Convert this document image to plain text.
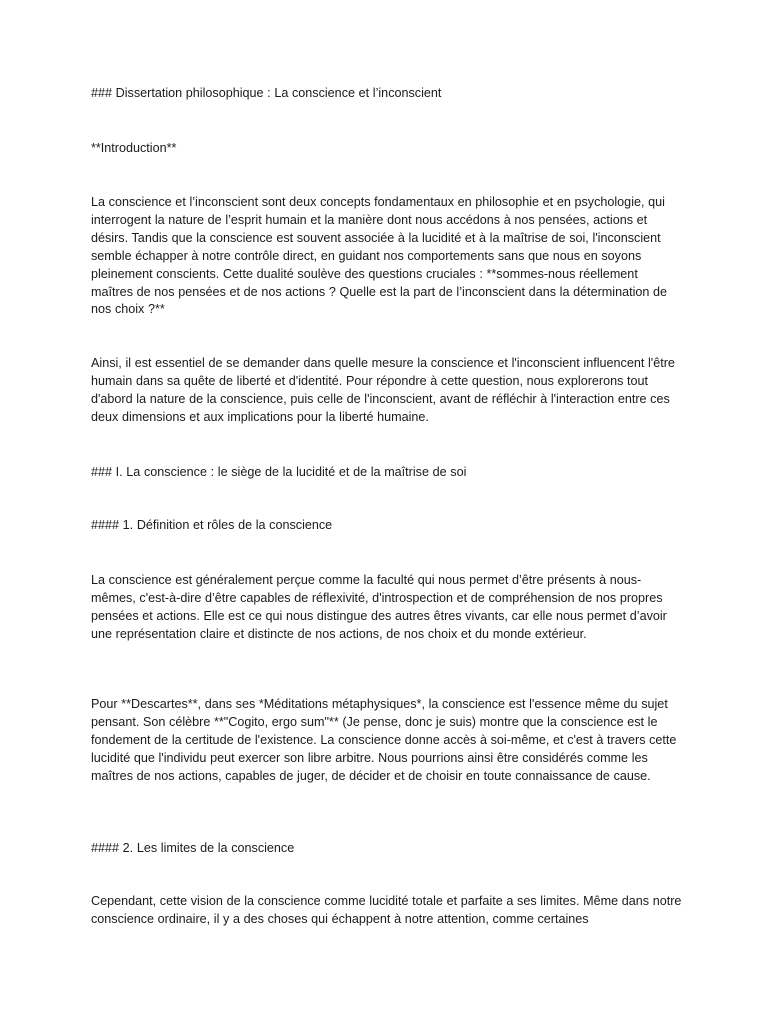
### Dissertation philosophique : La conscience et l’inconscient

**Introduction**

La conscience et l’inconscient sont deux concepts fondamentaux en philosophie et en psychologie, qui interrogent la nature de l’esprit humain et la manière dont nous accédons à nos pensées, actions et désirs. Tandis que la conscience est souvent associée à la lucidité et à la maîtrise de soi, l'inconscient semble échapper à notre contrôle direct, en guidant nos comportements sans que nous en soyons pleinement conscients. Cette dualité soulève des questions cruciales : **sommes-nous réellement maîtres de nos pensées et de nos actions ? Quelle est la part de l’inconscient dans la détermination de nos choix ?**

Ainsi, il est essentiel de se demander dans quelle mesure la conscience et l'inconscient influencent l'être humain dans sa quête de liberté et d'identité. Pour répondre à cette question, nous explorerons tout d'abord la nature de la conscience, puis celle de l'inconscient, avant de réfléchir à l'interaction entre ces deux dimensions et aux implications pour la liberté humaine.

### I. La conscience : le siège de la lucidité et de la maîtrise de soi

#### 1. Définition et rôles de la conscience

La conscience est généralement perçue comme la faculté qui nous permet d’être présents à nous-mêmes, c'est-à-dire d’être capables de réflexivité, d'introspection et de compréhension de nos propres pensées et actions. Elle est ce qui nous distingue des autres êtres vivants, car elle nous permet d’avoir une représentation claire et distincte de nos actions, de nos choix et du monde extérieur.

Pour **Descartes**, dans ses *Méditations métaphysiques*, la conscience est l'essence même du sujet pensant. Son célèbre **"Cogito, ergo sum"** (Je pense, donc je suis) montre que la conscience est le fondement de la certitude de l'existence. La conscience donne accès à soi-même, et c'est à travers cette lucidité que l'individu peut exercer son libre arbitre. Nous pourrions ainsi être considérés comme les maîtres de nos actions, capables de juger, de décider et de choisir en toute connaissance de cause.

#### 2. Les limites de la conscience

Cependant, cette vision de la conscience comme lucidité totale et parfaite a ses limites. Même dans notre conscience ordinaire, il y a des choses qui échappent à notre attention, comme certaines
